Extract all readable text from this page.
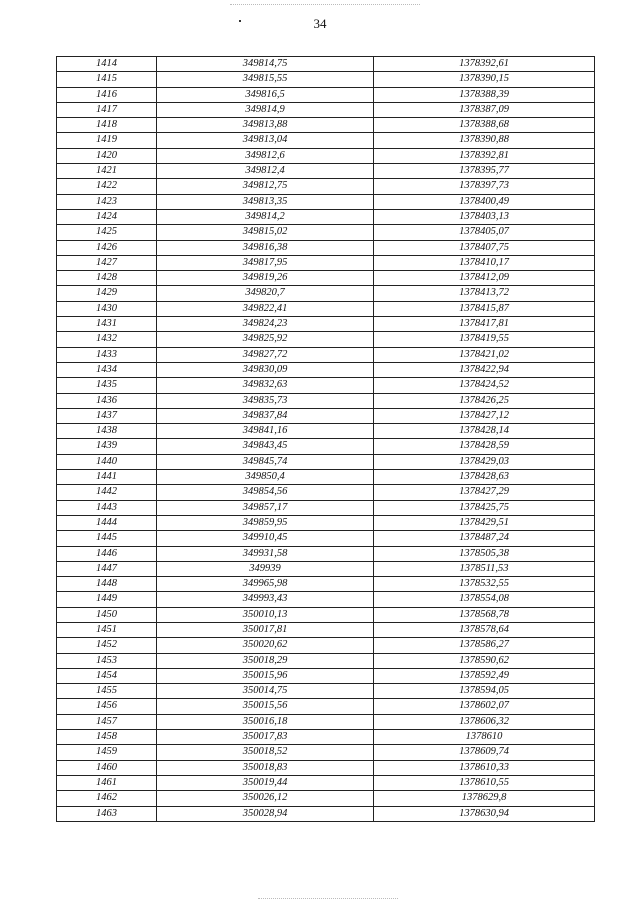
34
1414	349814,75	1378392,61
1415	349815,55	1378390,15
1416	349816,5	1378388,39
1417	349814,9	1378387,09
1418	349813,88	1378388,68
1419	349813,04	1378390,88
1420	349812,6	1378392,81
1421	349812,4	1378395,77
1422	349812,75	1378397,73
1423	349813,35	1378400,49
1424	349814,2	1378403,13
1425	349815,02	1378405,07
1426	349816,38	1378407,75
1427	349817,95	1378410,17
1428	349819,26	1378412,09
1429	349820,7	1378413,72
1430	349822,41	1378415,87
1431	349824,23	1378417,81
1432	349825,92	1378419,55
1433	349827,72	1378421,02
1434	349830,09	1378422,94
1435	349832,63	1378424,52
1436	349835,73	1378426,25
1437	349837,84	1378427,12
1438	349841,16	1378428,14
1439	349843,45	1378428,59
1440	349845,74	1378429,03
1441	349850,4	1378428,63
1442	349854,56	1378427,29
1443	349857,17	1378425,75
1444	349859,95	1378429,51
1445	349910,45	1378487,24
1446	349931,58	1378505,38
1447	349939	1378511,53
1448	349965,98	1378532,55
1449	349993,43	1378554,08
1450	350010,13	1378568,78
1451	350017,81	1378578,64
1452	350020,62	1378586,27
1453	350018,29	1378590,62
1454	350015,96	1378592,49
1455	350014,75	1378594,05
1456	350015,56	1378602,07
1457	350016,18	1378606,32
1458	350017,83	1378610
1459	350018,52	1378609,74
1460	350018,83	1378610,33
1461	350019,44	1378610,55
1462	350026,12	1378629,8
1463	350028,94	1378630,94
